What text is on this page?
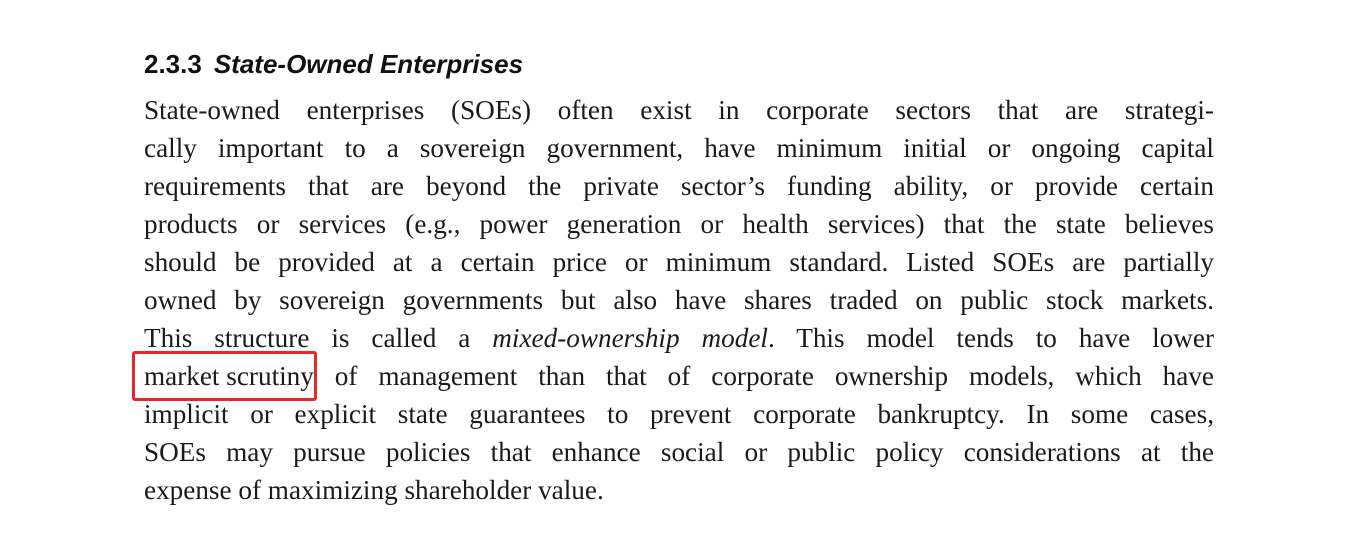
2.3.3 State-Owned Enterprises
State-owned enterprises (SOEs) often exist in corporate sectors that are strategi-
cally important to a sovereign government, have minimum initial or ongoing capital
requirements that are beyond the private sector’s funding ability, or provide certain
products or services (e.g., power generation or health services) that the state believes
should be provided at a certain price or minimum standard. Listed SOEs are partially
owned by sovereign governments but also have shares traded on public stock markets.
This structure is called a mixed-ownership model. This model tends to have lower
market scrutiny of management than that of corporate ownership models, which have
implicit or explicit state guarantees to prevent corporate bankruptcy. In some cases,
SOEs may pursue policies that enhance social or public policy considerations at the
expense of maximizing shareholder value.
